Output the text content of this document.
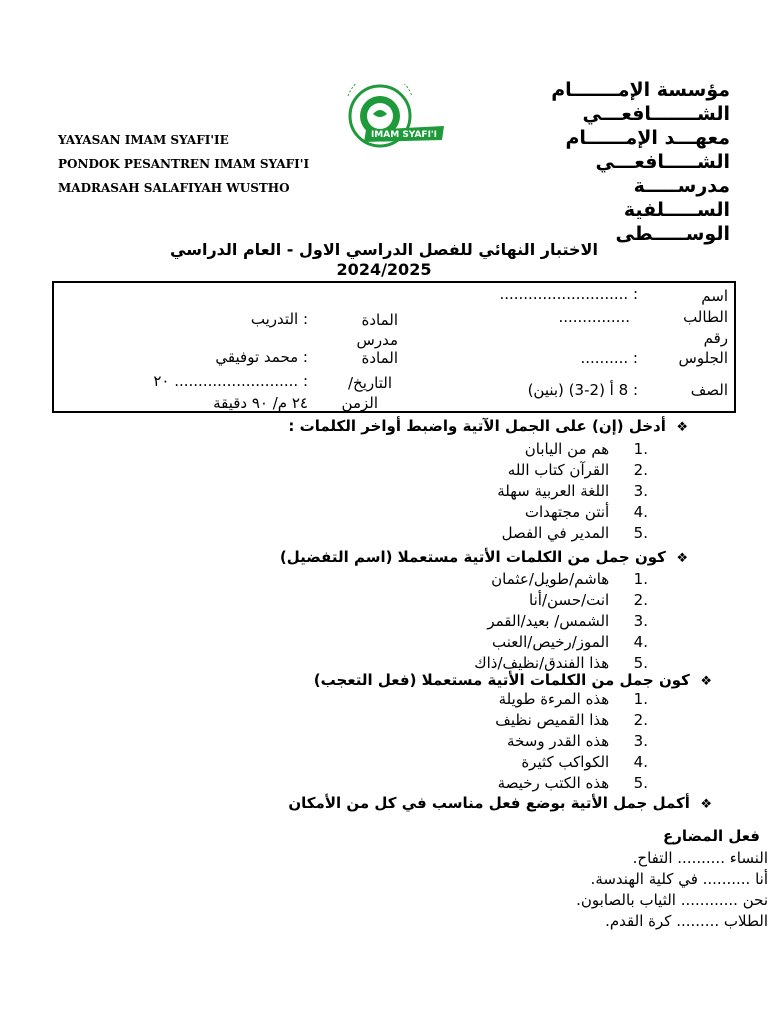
YAYASAN IMAM SYAFI'IE
PONDOK PESANTREN IMAM SYAFI'I
MADRASAH SALAFIYAH WUSTHO
IMAM SYAFI'I
مؤسسة الإمـــــــام
الشـــــــافعـــي
معهـــد الإمــــــام
الشـــــافعـــي
مدرســـــة
الســـــلفية
الوســـــطى
الاختبار النهائي للفصل الدراسي الاول - العام الدراسي
2024/2025
اسم
: ...........................
الطالب
...............
رقم
الجلوس
: ..........
الصف
: 8 أ (2-3) (بنين)
المادة
: التدريب
مدرس
المادة
: محمد توفيقي
التاريخ/
الزمن
: .......................... ٢٠
٢٤ م/ ٩٠ دقيقة
❖  أدخل (إن) على الجمل الآتية واضبط أواخر الكلمات :
.1 هم من اليابان
.2 القرآن كتاب الله
.3 اللغة العربية سهلة
.4 أنتن مجتهدات
.5 المدير في الفصل
❖  كون جمل من الكلمات الأتية مستعملا (اسم التفضيل)
.1 هاشم/طويل/عثمان
.2 انت/حسن/أنا
.3 الشمس/ بعيد/القمر
.4 الموز/رخيص/العنب
.5 هذا الفندق/نظيف/ذاك
❖  كون جمل من الكلمات الأتية مستعملا (فعل التعجب)
.1 هذه المرءة طويلة
.2 هذا القميص نظيف
.3 هذه القدر وسخة
.4 الكواكب كثيرة
.5 هذه الكتب رخيصة
❖  أكمل جمل الأتية بوضع فعل مناسب في كل من الأمكان
فعل المضارع
النساء .......... التفاح.
أنا .......... في كلية الهندسة.
نحن ............ الثياب بالصابون.
الطلاب ......... كرة القدم.
